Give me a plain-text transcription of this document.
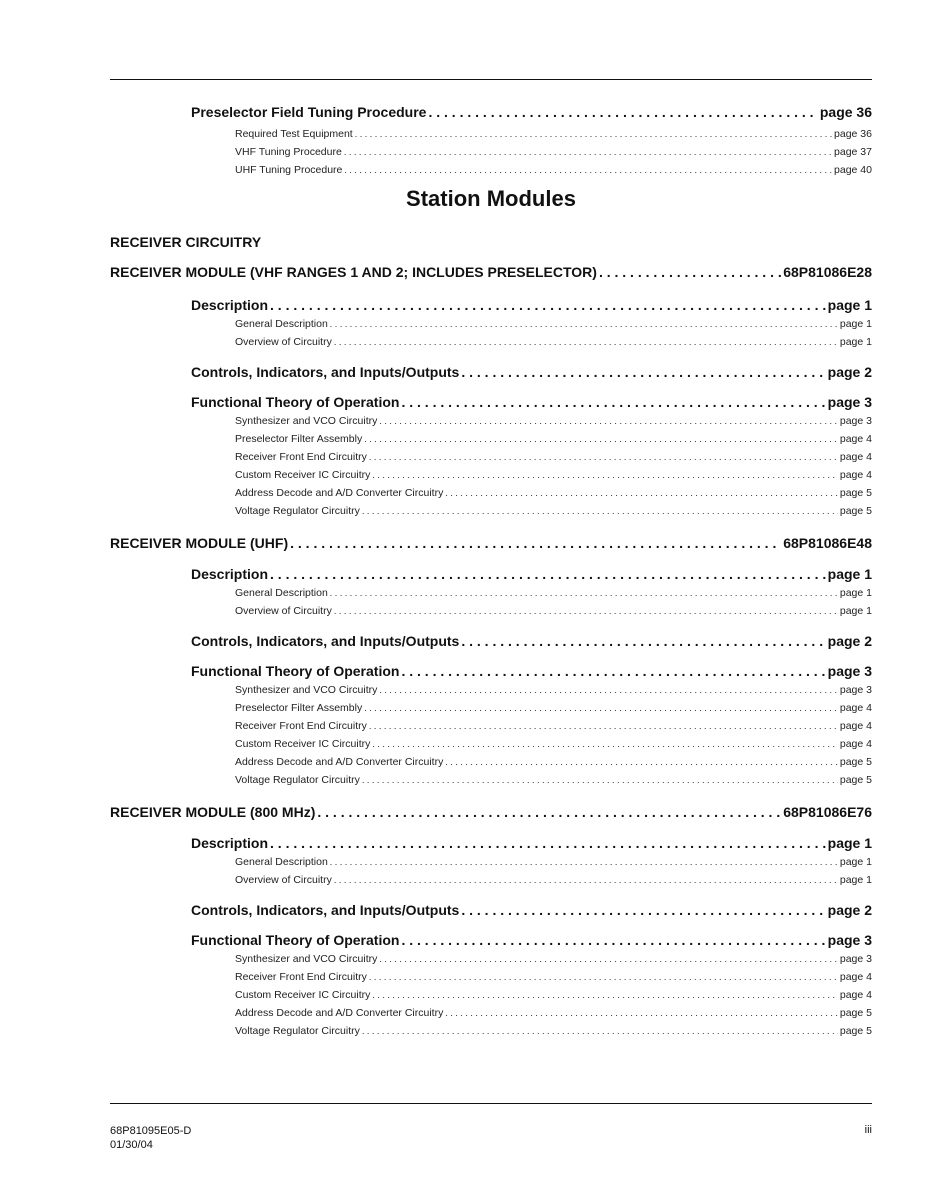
Preselector Field Tuning Procedure . . .	page 36
Required Test Equipment . . .	page 36
VHF Tuning Procedure . . .	page 37
UHF Tuning Procedure . . .	page 40
Station Modules
RECEIVER CIRCUITRY
RECEIVER MODULE (VHF RANGES 1 AND 2; INCLUDES PRESELECTOR) . . .	68P81086E28
Description . . .	page 1
General Description . . .	page 1
Overview of Circuitry . . .	page 1
Controls, Indicators, and Inputs/Outputs . . .	page 2
Functional Theory of Operation . . .	page 3
Synthesizer and VCO Circuitry . . .	page 3
Preselector Filter Assembly . . .	page 4
Receiver Front End Circuitry . . .	page 4
Custom Receiver IC Circuitry . . .	page 4
Address Decode and A/D Converter Circuitry . . .	page 5
Voltage Regulator Circuitry . . .	page 5
RECEIVER MODULE (UHF) . . .	68P81086E48
Description . . .	page 1
General Description . . .	page 1
Overview of Circuitry . . .	page 1
Controls, Indicators, and Inputs/Outputs . . .	page 2
Functional Theory of Operation . . .	page 3
Synthesizer and VCO Circuitry . . .	page 3
Preselector Filter Assembly . . .	page 4
Receiver Front End Circuitry . . .	page 4
Custom Receiver IC Circuitry . . .	page 4
Address Decode and A/D Converter Circuitry . . .	page 5
Voltage Regulator Circuitry . . .	page 5
RECEIVER MODULE (800 MHz) . . .	68P81086E76
Description . . .	page 1
General Description . . .	page 1
Overview of Circuitry . . .	page 1
Controls, Indicators, and Inputs/Outputs . . .	page 2
Functional Theory of Operation . . .	page 3
Synthesizer and VCO Circuitry . . .	page 3
Receiver Front End Circuitry . . .	page 4
Custom Receiver IC Circuitry . . .	page 4
Address Decode and A/D Converter Circuitry . . .	page 5
Voltage Regulator Circuitry . . .	page 5
68P81095E05-D
01/30/04
iii
